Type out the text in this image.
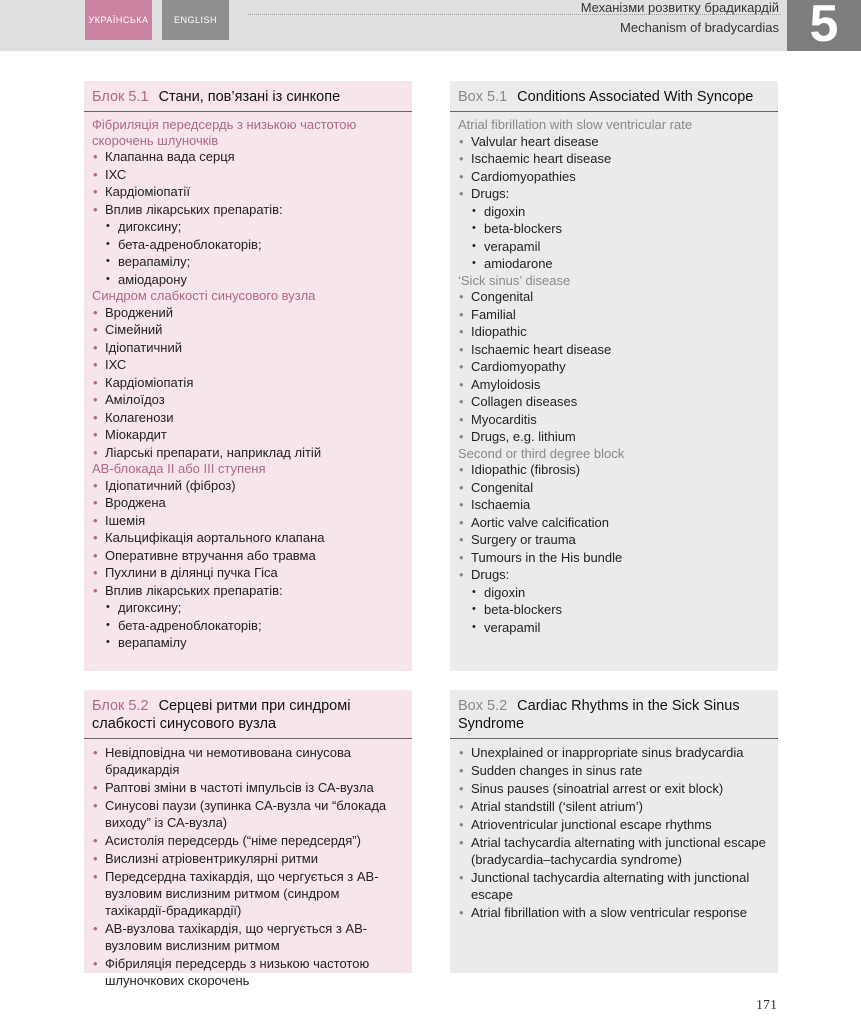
УКРАЇНСЬКА	ENGLISH
Механізми розвитку брадикардій
Mechanism of bradycardias 5
Блок 5.1 Стани, пов’язані із синкопе
Фібриляція передсердь з низькою частотою скорочень шлуночків
• Клапанна вада серця
• ІХС
• Кардіоміопатії
• Вплив лікарських препаратів:
• дигоксину;
• бета-адреноблокаторів;
• верапамілу;
• аміодарону
Синдром слабкості синусового вузла
• Вроджений
• Сімейний
• Ідіопатичний
• ІХС
• Кардіоміопатія
• Амілоїдоз
• Колагенози
• Міокардит
• Ліарські препарати, наприклад літій
АВ-блокада ІІ або ІІІ ступеня
• Ідіопатичний (фіброз)
• Вроджена
• Ішемія
• Кальцифікація аортального клапана
• Оперативне втручання або травма
• Пухлини в ділянці пучка Гіса
• Вплив лікарських препаратів:
• дигоксину;
• бета-адреноблокаторів;
• верапамілу
Box 5.1 Conditions Associated With Syncope
Atrial fibrillation with slow ventricular rate
• Valvular heart disease
• Ischaemic heart disease
• Cardiomyopathies
• Drugs:
• digoxin
• beta-blockers
• verapamil
• amiodarone
‘Sick sinus’ disease
• Congenital
• Familial
• Idiopathic
• Ischaemic heart disease
• Cardiomyopathy
• Amyloidosis
• Collagen diseases
• Myocarditis
• Drugs, e.g. lithium
Second or third degree block
• Idiopathic (fibrosis)
• Congenital
• Ischaemia
• Aortic valve calcification
• Surgery or trauma
• Tumours in the His bundle
• Drugs:
• digoxin
• beta-blockers
• verapamil
Блок 5.2 Серцеві ритми при синдромі слабкості синусового вузла
• Невідповідна чи немотивована синусова брадикардія
• Раптові зміни в частоті імпульсів із СА-вузла
• Синусові паузи (зупинка СА-вузла чи “блокада виходу” із СА-вузла)
• Асистолія передсердь (“німе передсердя”)
• Вислизні атріовентрикулярні ритми
• Передсердна тахікардія, що чергується з АВ-вузловим вислизним ритмом (синдром тахікардії-брадикардії)
• АВ-вузлова тахікардія, що чергується з АВ-вузловим вислизним ритмом
• Фібриляція передсердь з низькою частотою шлуночкових скорочень
Box 5.2 Cardiac Rhythms in the Sick Sinus Syndrome
• Unexplained or inappropriate sinus bradycardia
• Sudden changes in sinus rate
• Sinus pauses (sinoatrial arrest or exit block)
• Atrial standstill (‘silent atrium’)
• Atrioventricular junctional escape rhythms
• Atrial tachycardia alternating with junctional escape (bradycardia–tachycardia syndrome)
• Junctional tachycardia alternating with junctional escape
• Atrial fibrillation with a slow ventricular response
171
